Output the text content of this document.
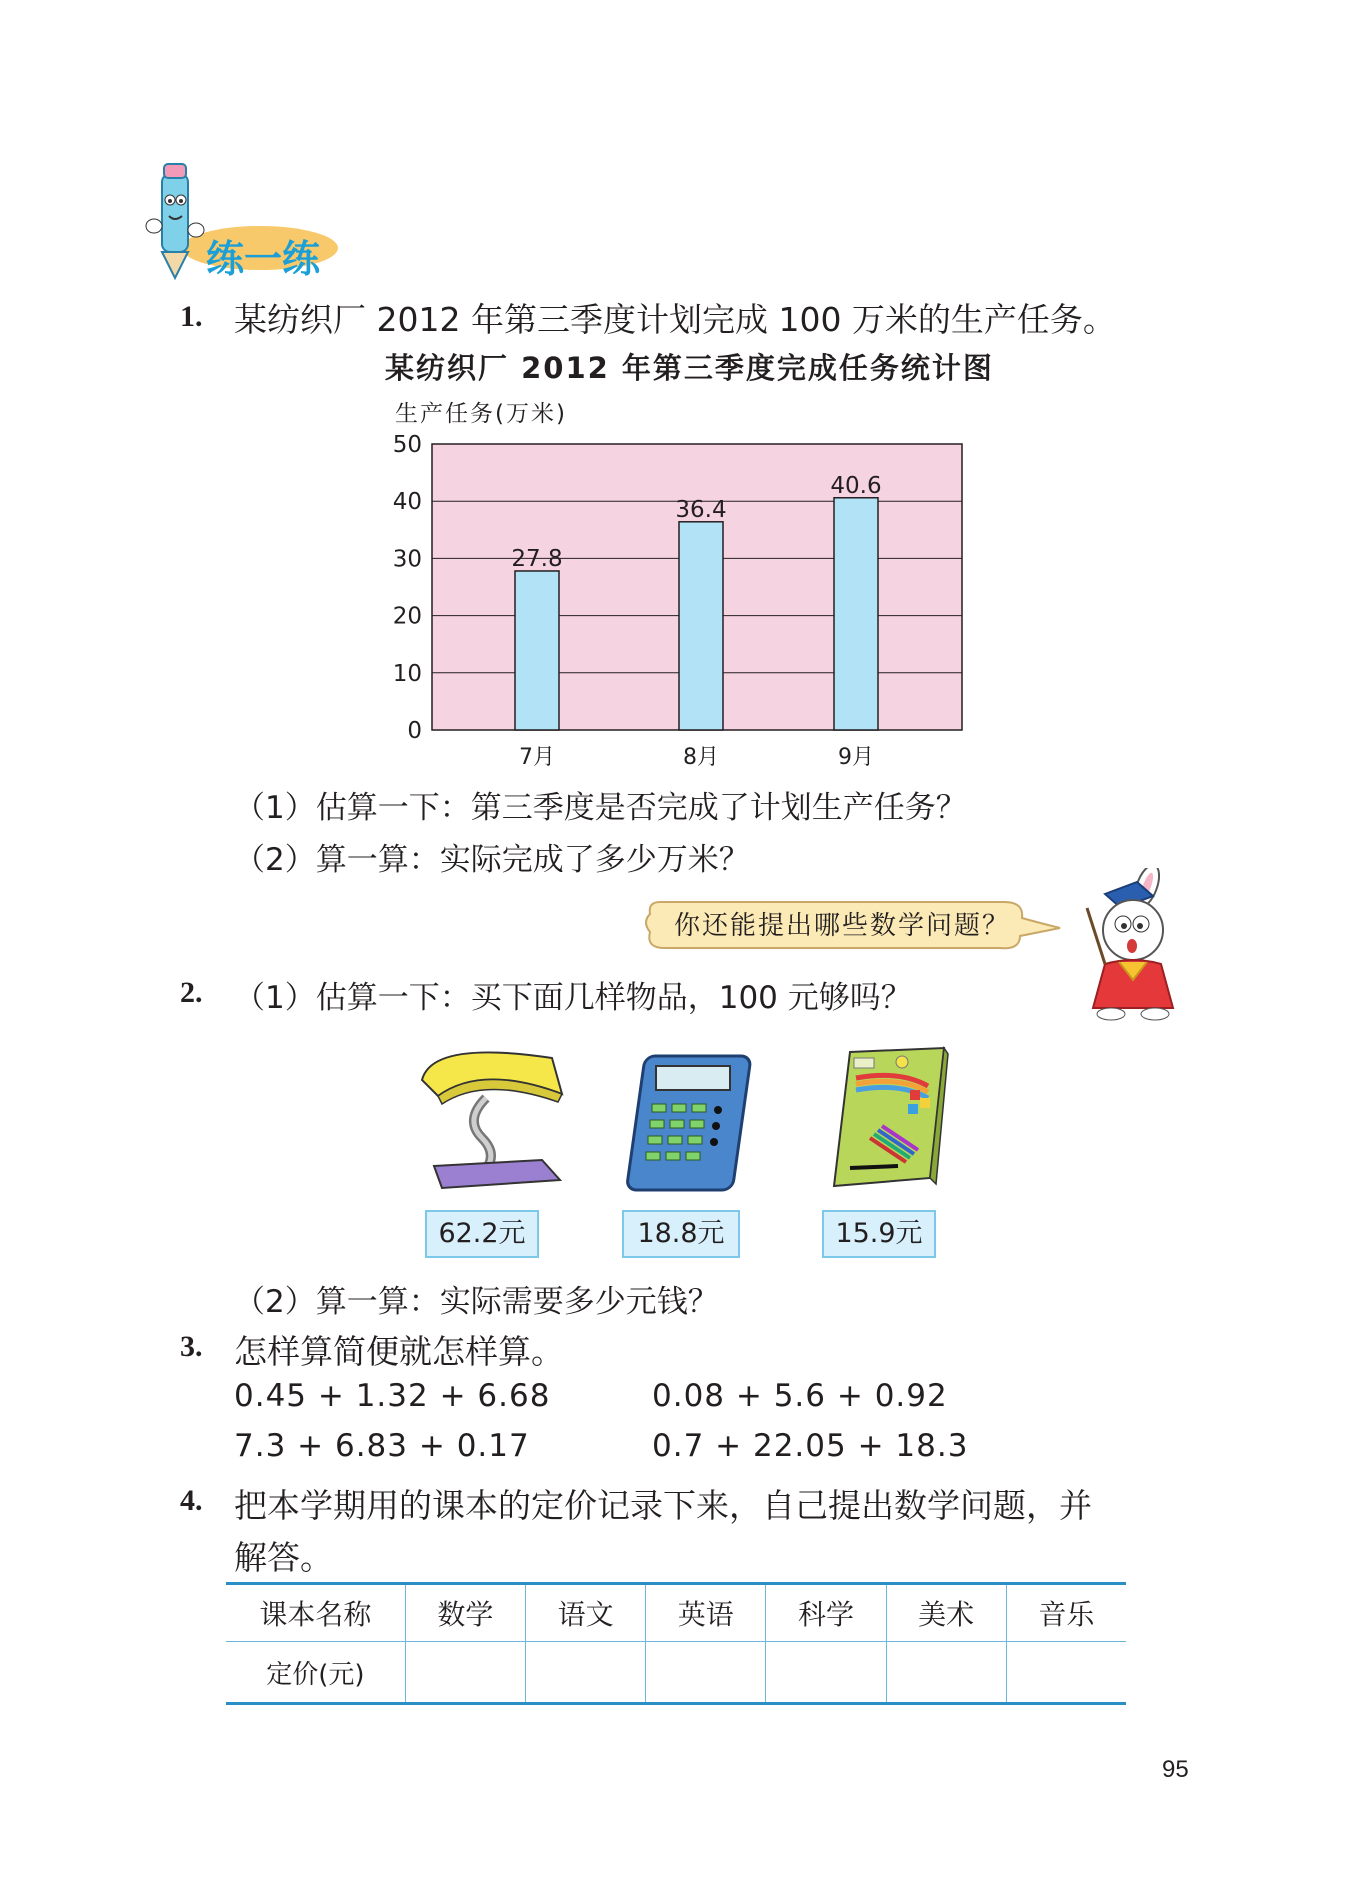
练一练
1. 某纺织厂 2012 年第三季度计划完成 100 万米的生产任务。
某纺织厂 2012 年第三季度完成任务统计图
生产任务(万米)
0
10
20
30
40
50
27.8
7月
36.4
8月
40.6
9月
（1）估算一下：第三季度是否完成了计划生产任务？
（2）算一算：实际完成了多少万米？
你还能提出哪些数学问题？
2. （1）估算一下：买下面几样物品，100 元够吗？
62.2元	18.8元	15.9元
（2）算一算：实际需要多少元钱？
3. 怎样算简便就怎样算。
0.45 + 1.32 + 6.68	0.08 + 5.6 + 0.92
7.3 + 6.83 + 0.17	0.7 + 22.05 + 18.3
4. 把本学期用的课本的定价记录下来，自己提出数学问题，并
解答。
课本名称	数学	语文	英语	科学	美术	音乐
定价(元)						
95
